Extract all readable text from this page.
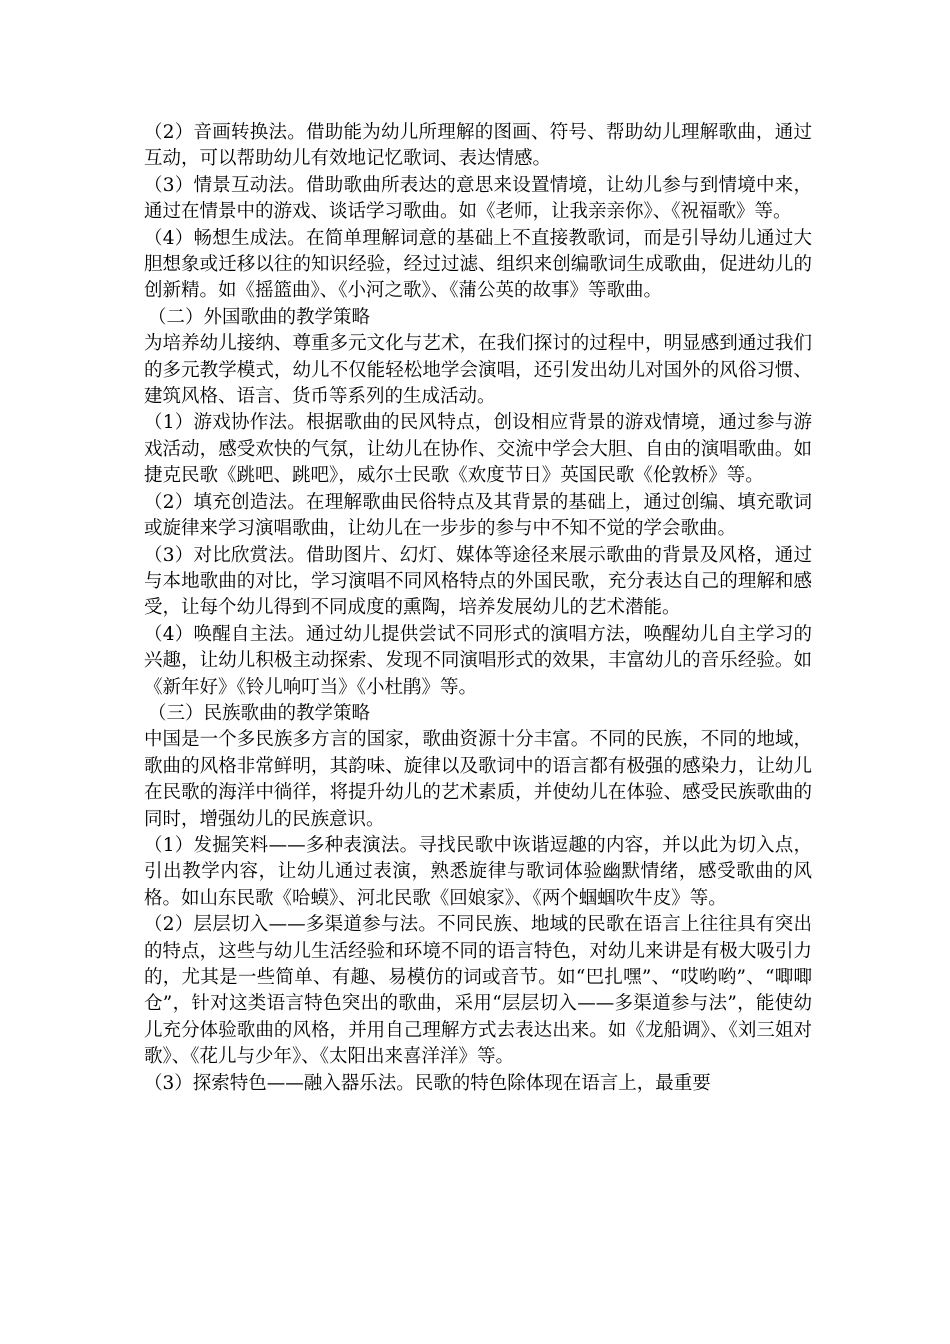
（2）音画转换法。借助能为幼儿所理解的图画、符号、帮助幼儿理解歌曲，通过互动，可以帮助幼儿有效地记忆歌词、表达情感。

（3）情景互动法。借助歌曲所表达的意思来设置情境，让幼儿参与到情境中来，通过在情景中的游戏、谈话学习歌曲。如《老师，让我亲亲你》、《祝福歌》等。

（4）畅想生成法。在简单理解词意的基础上不直接教歌词，而是引导幼儿通过大胆想象或迁移以往的知识经验，经过过滤、组织来创编歌词生成歌曲，促进幼儿的创新精。如《摇篮曲》、《小河之歌》、《蒲公英的故事》等歌曲。

（二）外国歌曲的教学策略

为培养幼儿接纳、尊重多元文化与艺术，在我们探讨的过程中，明显感到通过我们的多元教学模式，幼儿不仅能轻松地学会演唱，还引发出幼儿对国外的风俗习惯、建筑风格、语言、货币等系列的生成活动。

（1）游戏协作法。根据歌曲的民风特点，创设相应背景的游戏情境，通过参与游戏活动，感受欢快的气氛，让幼儿在协作、交流中学会大胆、自由的演唱歌曲。如捷克民歌《跳吧、跳吧》，威尔士民歌《欢度节日》英国民歌《伦敦桥》等。

（2）填充创造法。在理解歌曲民俗特点及其背景的基础上，通过创编、填充歌词或旋律来学习演唱歌曲，让幼儿在一步步的参与中不知不觉的学会歌曲。

（3）对比欣赏法。借助图片、幻灯、媒体等途径来展示歌曲的背景及风格，通过与本地歌曲的对比，学习演唱不同风格特点的外国民歌，充分表达自己的理解和感受，让每个幼儿得到不同成度的熏陶，培养发展幼儿的艺术潜能。

（4）唤醒自主法。通过幼儿提供尝试不同形式的演唱方法，唤醒幼儿自主学习的兴趣，让幼儿积极主动探索、发现不同演唱形式的效果，丰富幼儿的音乐经验。如《新年好》《铃儿响叮当》《小杜鹃》等。

（三）民族歌曲的教学策略

中国是一个多民族多方言的国家，歌曲资源十分丰富。不同的民族，不同的地域，歌曲的风格非常鲜明，其韵味、旋律以及歌词中的语言都有极强的感染力，让幼儿在民歌的海洋中徜徉，将提升幼儿的艺术素质，并使幼儿在体验、感受民族歌曲的同时，增强幼儿的民族意识。

（1）发掘笑料——多种表演法。寻找民歌中诙谐逗趣的内容，并以此为切入点，引出教学内容，让幼儿通过表演，熟悉旋律与歌词体验幽默情绪，感受歌曲的风格。如山东民歌《哈蟆》、河北民歌《回娘家》、《两个蝈蝈吹牛皮》等。

（2）层层切入——多渠道参与法。不同民族、地域的民歌在语言上往往具有突出的特点，这些与幼儿生活经验和环境不同的语言特色，对幼儿来讲是有极大吸引力的，尤其是一些简单、有趣、易模仿的词或音节。如“巴扎嘿”、“哎哟哟”、“唧唧仓”，针对这类语言特色突出的歌曲，采用“层层切入——多渠道参与法”，能使幼儿充分体验歌曲的风格，并用自己理解方式去表达出来。如《龙船调》、《刘三姐对歌》、《花儿与少年》、《太阳出来喜洋洋》等。

（3）探索特色——融入器乐法。民歌的特色除体现在语言上，最重要
